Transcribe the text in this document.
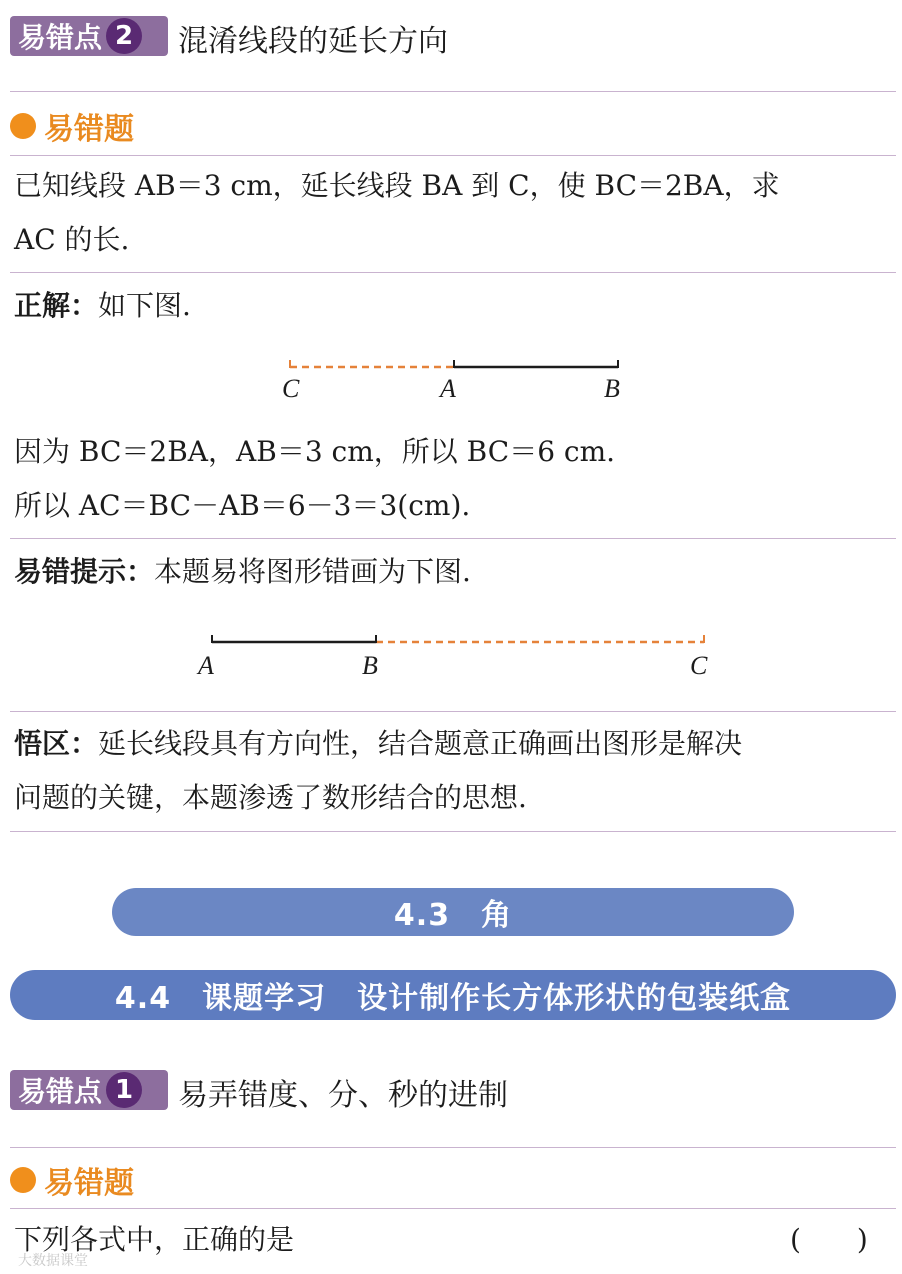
易错点 2 混淆线段的延长方向
易错题
已知线段 AB＝3 cm，延长线段 BA 到 C，使 BC＝2BA，求
AC 的长.
正解：如下图.
C	A	B
因为 BC＝2BA，AB＝3 cm，所以 BC＝6 cm.
所以 AC＝BC－AB＝6－3＝3(cm).
易错提示：本题易将图形错画为下图.
A	B	C
悟区：延长线段具有方向性，结合题意正确画出图形是解决
问题的关键，本题渗透了数形结合的思想.
4.3　角
4.4　课题学习　设计制作长方体形状的包装纸盒
易错点 1 易弄错度、分、秒的进制
易错题
下列各式中，正确的是	(　　)
大数据课堂
